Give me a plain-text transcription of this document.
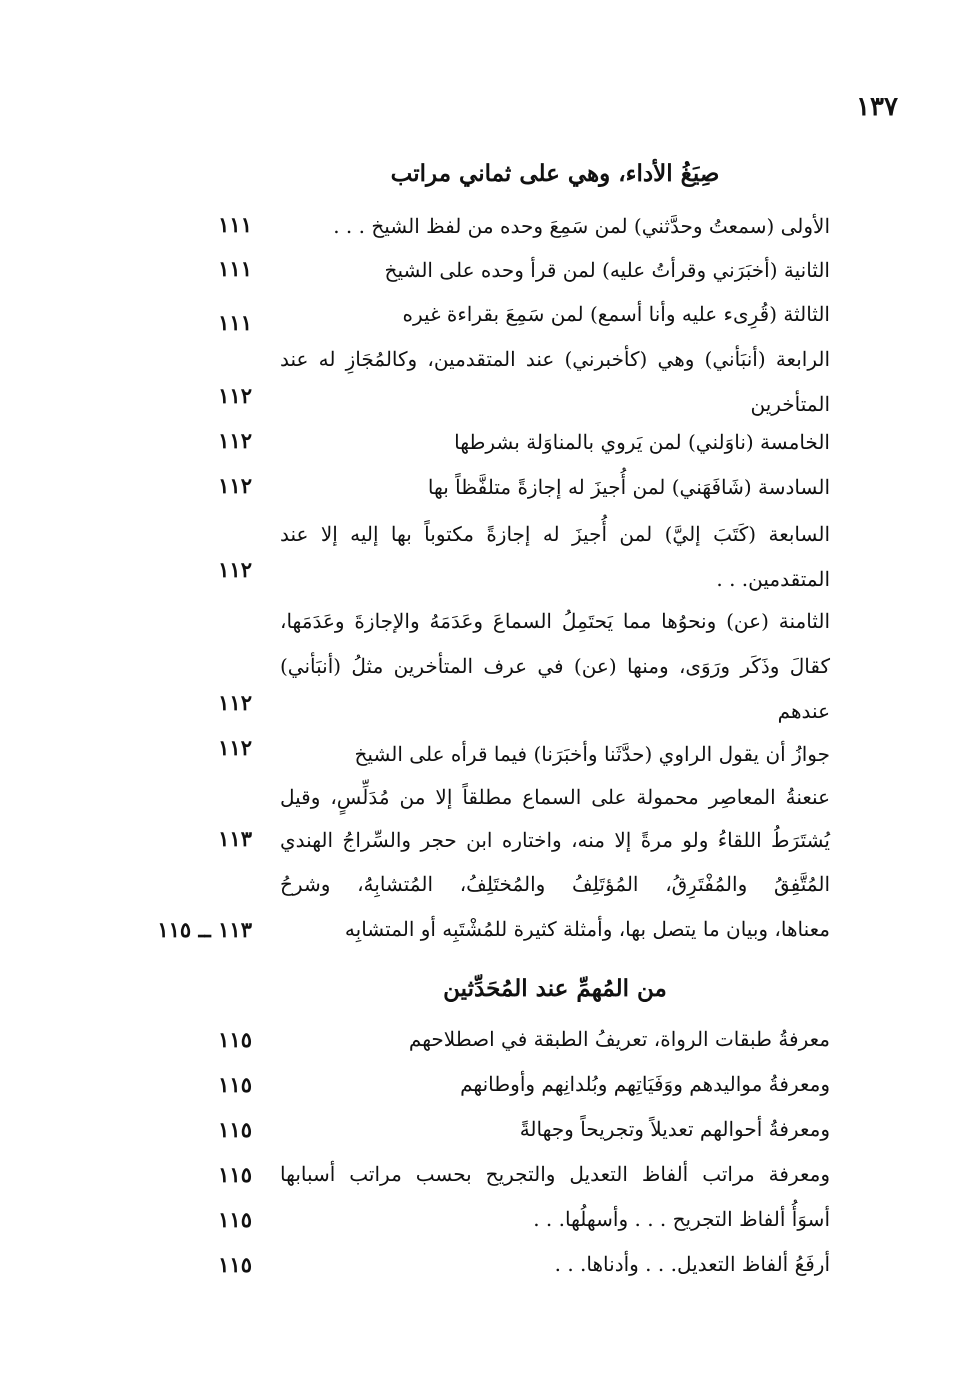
١٣٧
صِيَغُ الأداء، وهي على ثماني مراتب
الأولى (سمعتُ وحدَّثني) لمن سَمِعَ وحده من لفظ الشيخ . . .
١١١
الثانية (أخبَرَني وقرأتُ عليه) لمن قرأ وحده على الشيخ
١١١
الثالثة (قُرِىء عليه وأنا أسمع) لمن سَمِعَ بقراءة غيره
١١١
الرابعة (أنبَأني) وهي (كأخبرني) عند المتقدمين، وكالمُجَازِ له عند
المتأخرين
١١٢
الخامسة (ناوَلني) لمن يَروي بالمناوَلة بشرطها
١١٢
السادسة (شَافَهَني) لمن أُجيزَ له إجازةً متلفَّظاً بها
١١٢
السابعة (كَتَبَ إليَّ) لمن أُجيزَ له إجازةً مكتوباً بها إليه إلا عند
المتقدمين. . .
١١٢
الثامنة (عن) ونحوُها مما يَحتَمِلُ السماعَ وعَدَمَهُ والإجازةَ وعَدَمَها،
كقالَ وذَكَر ورَوَى، ومنها (عن) في عرف المتأخرين مثلُ (أنبَأني)
عندهم
١١٢
جوازُ أن يقول الراوي (حدَّثَنا وأخبَرَنا) فيما قرأه على الشيخ
١١٢
عنعنةُ المعاصِر محمولة على السماع مطلقاً إلا من مُدَلِّسٍ، وقيل
يُشتَرَطُ اللقاءُ ولو مرةً إلا منه، واختاره ابن حجر والسِّراجُ الهندي
١١٣
المُتَّفِقُ والمُفْتَرِقُ، المُؤتَلِفُ والمُختَلِفُ، المُتشابِهُ، وشرحُ
معناها، وبيان ما يتصل بها، وأمثلة كثيرة للمُشْتَبِه أو المتشابِه
١١٣ ــ ١١٥
من المُهمِّ عند المُحَدِّثين
معرفةُ طبقات الرواة، تعريفُ الطبقة في اصطلاحهم
١١٥
ومعرفةُ مواليدهم ووَفَيَاتِهم وبُلدانِهم وأوطانهم
١١٥
ومعرفةُ أحوالهم تعديلاً وتجريحاً وجهالةً
١١٥
ومعرفة مراتب ألفاظ التعديل والتجريح بحسب مراتب أسبابها
١١٥
أسوَأُ ألفاظ التجريح . . . وأسهلُها. . .
١١٥
أرفَعُ ألفاظ التعديل. . . وأدناها. . .
١١٥
